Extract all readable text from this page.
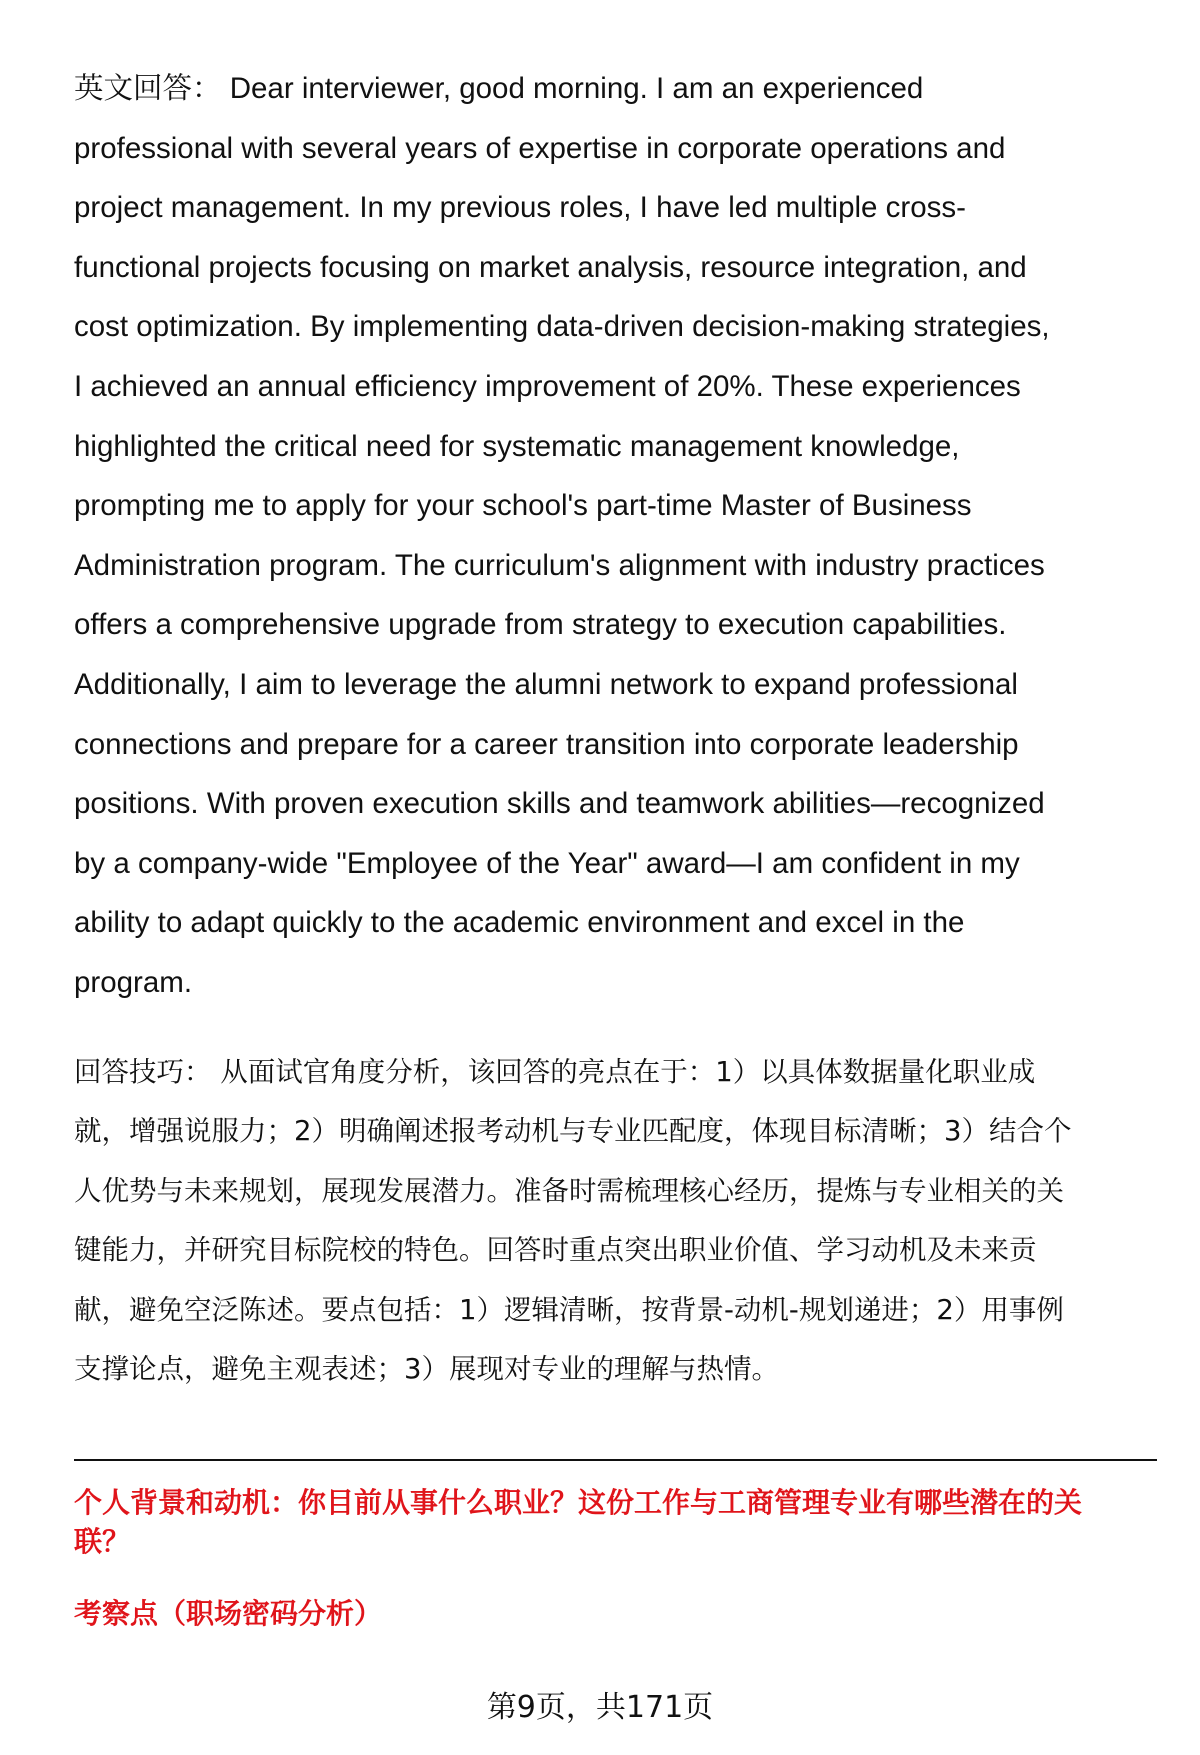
英文回答： Dear interviewer, good morning. I am an experienced
professional with several years of expertise in corporate operations and
project management. In my previous roles, I have led multiple cross-
functional projects focusing on market analysis, resource integration, and
cost optimization. By implementing data-driven decision-making strategies,
I achieved an annual efficiency improvement of 20%. These experiences
highlighted the critical need for systematic management knowledge,
prompting me to apply for your school's part-time Master of Business
Administration program. The curriculum's alignment with industry practices
offers a comprehensive upgrade from strategy to execution capabilities.
Additionally, I aim to leverage the alumni network to expand professional
connections and prepare for a career transition into corporate leadership
positions. With proven execution skills and teamwork abilities—recognized
by a company-wide "Employee of the Year" award—I am confident in my
ability to adapt quickly to the academic environment and excel in the
program.
回答技巧： 从面试官角度分析，该回答的亮点在于：1）以具体数据量化职业成
就，增强说服力；2）明确阐述报考动机与专业匹配度，体现目标清晰；3）结合个
人优势与未来规划，展现发展潜力。准备时需梳理核心经历，提炼与专业相关的关
键能力，并研究目标院校的特色。回答时重点突出职业价值、学习动机及未来贡
献，避免空泛陈述。要点包括：1）逻辑清晰，按背景-动机-规划递进；2）用事例
支撑论点，避免主观表述；3）展现对专业的理解与热情。
个人背景和动机：你目前从事什么职业？这份工作与工商管理专业有哪些潜在的关
联？
考察点（职场密码分析）
第9页，共171页
